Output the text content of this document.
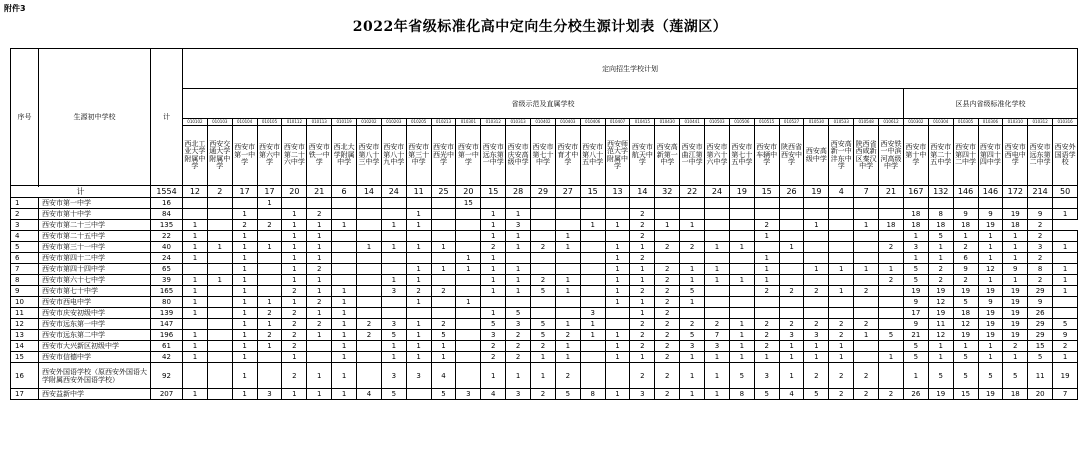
附件3
2022年省级标准化高中定向生分校生源计划表（莲湖区）
序号	生源初中学校	计	定向招生学校计划																																			
			省级示范及直属学校																													区县内省级标准化学校						
			010102	010103	010104	010105	010112	010113	010119	010202	010203	010205	010213	010301	010312	010313	010402	010403	010406	010407	010415	010430	010441	010503	010506	010515	010527	010530	010533	010548	010612	010302	010304	010305	010306	010310	010312	010316
			西北工业大学附属中学	西安交通大学附属中学	西安市第一中学	西安市第六中学	西安市第二十六中学	西安市铁一中学	西北大学附属中学	西安市第八十三中学	西安市第八十九中学	西安市第三十中学	西安市西光中学	西安市第一中学	西安市远东第一中学	西安市庆安高级中学	西安市第七十中学	西安市育才中学	西安市第八十五中学	西安师范大学附属中学	西安市航天中学	西安高新第一中学	西安市曲江第一中学	西安市第六十六中学	西安市第七十五中学	西安市车辆中学	陕西省西安中学	西安高级中学	西安高新一中沣东中学	陕西省西咸新区秦汉中学	西安铁一中滨河高级中学	西安市第十中学	西安市第二十五中学	西安市第四十二中学	西安市第四十四中学	西安市西电中学	西安市远东第二中学	西安外国语学校

计		1554	12	2	17	17	20	21	6	14	24	11	25	20	15	28	29	27	15	13	14	32	22	24	19	15	26	19	4	7	21	167	132	146	146	172	214	50
1	西安市第一中学	16				1								15																								
2	西安市第十中学	84			1		1	2				1			1	1					2											18	8	9	9	19	9	1
3	西安市第二十三中学	135	1		2	2	1	1	1		1	1			1	3			1	1	2	1	1			2		1		1	18	18	18	18	19	18	2	
4	西安市第二十五中学	22	1		1		1	1							1	1		1			2					1						1	5	1	1	1	2	
5	西安市第三十一中学	40	1	1	1	1	1	1		1	1	1	1		2	1	2	1		1	1	2	2	1	1		1				2	3	1	2	1	1	3	1
6	西安市第四十二中学	24	1		1		1	1						1	1					1	2					1						1	1	6	1	1	2	
7	西安市第四十四中学	65			1		1	2				1	1	1	1	1				1	1	2	1	1		1		1	1	1	1	5	2	9	12	9	8	1
8	西安市第六十七中学	39	1	1	1		1	1			1	1			1	1	2	1		1	1	2	1	1	1	1					2	5	2	2	1	1	2	1
9	西安市第七十中学	165	1		1		2	1	1		3	2	2		1	1	5	1		1	2	2	5			2	2	2	1	2		19	19	19	19	19	29	1
10	西安市西电中学	80	1		1	1	1	2	1			1		1						1	1	2	1									9	12	5	9	19	9	
11	西安市庆安初级中学	139	1		1	2	2	1	1						1	5			3		1	2										17	19	18	19	19	26	
12	西安市远东第一中学	147			1	1	2	2	1	2	3	1	2		5	3	5	1	1		2	2	2	2	1	2	2	2	2	2		9	11	12	19	19	29	5
13	西安市远东第二中学	196	1		1	2	2	1	1	2	5	1	5		3	2	5	2	1	1	2	2	5	7	1	2	3	3	2	1	5	21	12	19	19	19	29	9
14	西安市大兴新区初级中学	61	1		1	1	2		1		1	1	1		2	2	2	1		1	2	2	3	3	1	2	1	1	1			5	1	1	1	2	15	2
15	西安市信德中学	42	1		1		1		1		1	1	1		2	2	1	1		1	1	2	1	1	1	1	1	1	1		1	5	1	5	1	1	5	1
16	西安外国语学校（原西安外国语大学附属西安外国语学校）	92			1		2	1	1		3	3	4		1	1	1	2			2	2	1	1	5	3	1	2	2	2		1	5	5	5	5	11	19
17	西安益新中学	207	1		1	3	1	1	1	4	5		5	3	4	3	2	5	8	1	3	2	1	1	8	5	4	5	2	2	2	26	19	15	19	18	20	7
